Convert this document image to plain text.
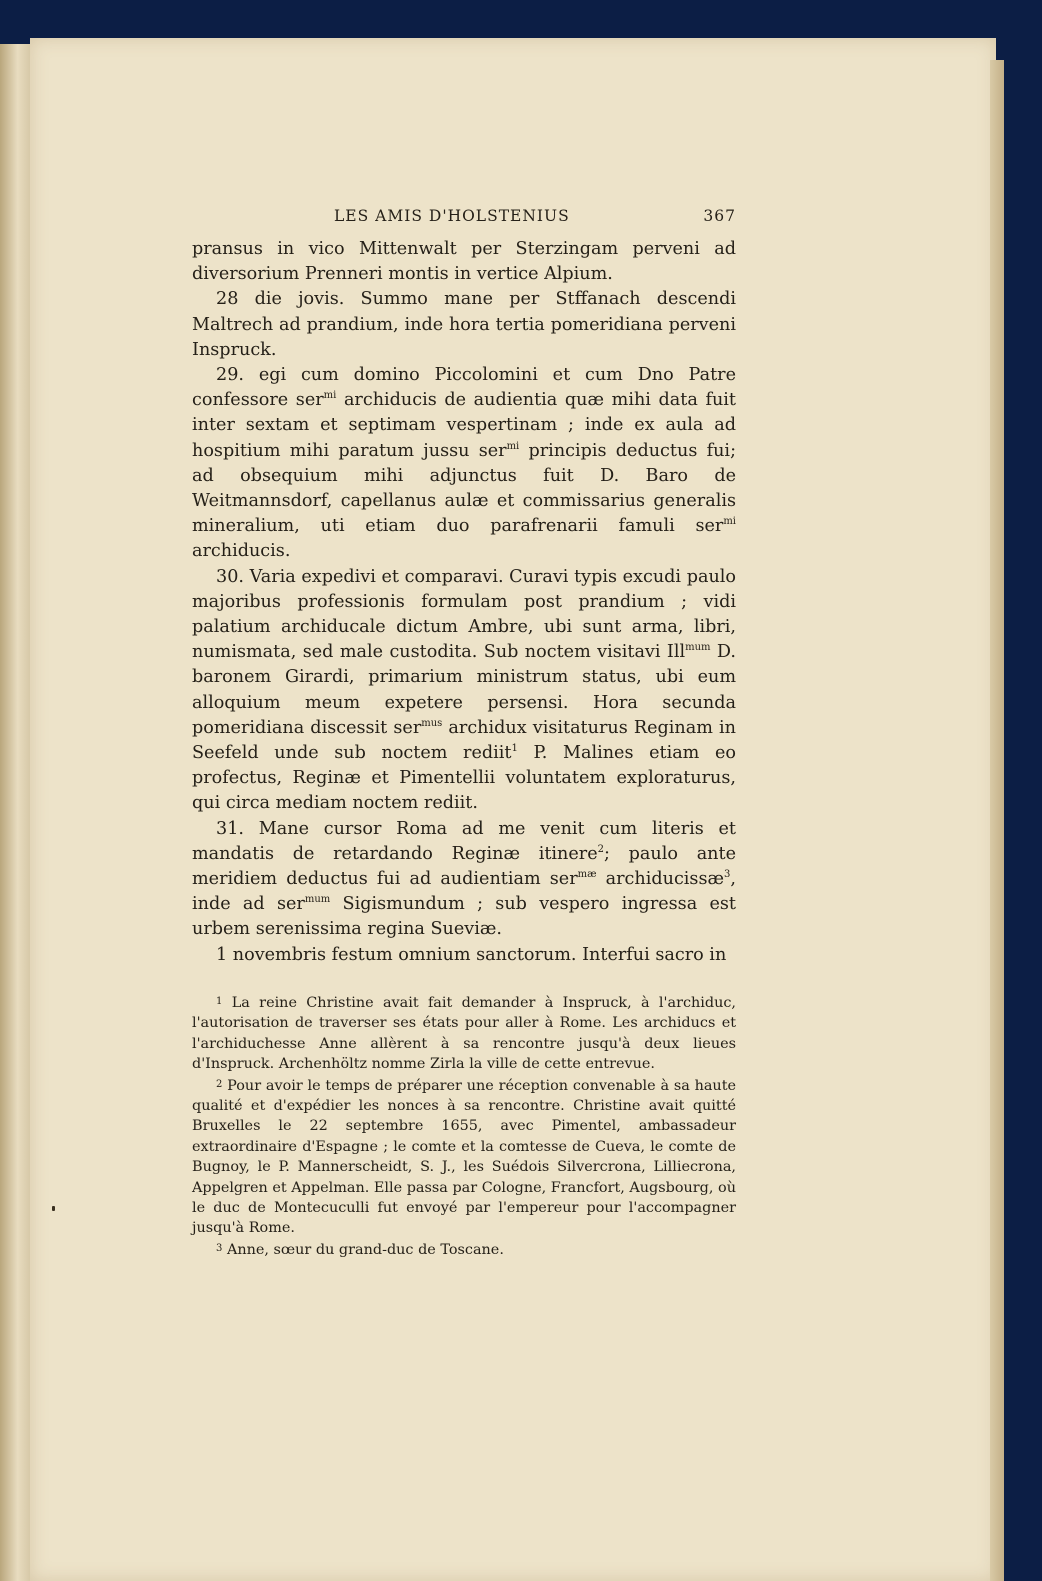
LES AMIS D'HOLSTENIUS	367

pransus in vico Mittenwalt per Sterzingam perveni ad diversorium Prenneri montis in vertice Alpium.

28 die jovis. Summo mane per Stffanach descendi Maltrech ad prandium, inde hora tertia pomeridiana perveni Inspruck.

29. egi cum domino Piccolomini et cum Dno Patre confessore ser$^{mi}$ archiducis de audientia quæ mihi data fuit inter sextam et septimam vespertinam ; inde ex aula ad hospitium mihi paratum jussu ser$^{mi}$ principis deductus fui; ad obsequium mihi adjunctus fuit D. Baro de Weitmannsdorf, capellanus aulæ et commissarius generalis mineralium, uti etiam duo parafrenarii famuli ser$^{mi}$ archiducis.

30. Varia expedivi et comparavi. Curavi typis excudi paulo majoribus professionis formulam post prandium ; vidi palatium archiducale dictum Ambre, ubi sunt arma, libri, numismata, sed male custodita. Sub noctem visitavi Ill$^{mum}$ D. baronem Girardi, primarium ministrum status, ubi eum alloquium meum expetere persensi. Hora secunda pomeridiana discessit ser$^{mus}$ archidux visitaturus Reginam in Seefeld unde sub noctem rediit$^1$ P. Malines etiam eo profectus, Reginæ et Pimentellii voluntatem exploraturus, qui circa mediam noctem rediit.

31. Mane cursor Roma ad me venit cum literis et mandatis de retardando Reginæ itinere$^2$; paulo ante meridiem deductus fui ad audientiam ser$^{mæ}$ archiducissæ$^3$, inde ad ser$^{mum}$ Sigismundum ; sub vespero ingressa est urbem serenissima regina Sueviæ.

1 novembris festum omnium sanctorum. Interfui sacro in

$^1$ La reine Christine avait fait demander à Inspruck, à l'archiduc, l'autorisation de traverser ses états pour aller à Rome. Les archiducs et l'archiduchesse Anne allèrent à sa rencontre jusqu'à deux lieues d'Inspruck. Archenhöltz nomme Zirla la ville de cette entrevue.

$^2$ Pour avoir le temps de préparer une réception convenable à sa haute qualité et d'expédier les nonces à sa rencontre. Christine avait quitté Bruxelles le 22 septembre 1655, avec Pimentel, ambassadeur extraordinaire d'Espagne ; le comte et la comtesse de Cueva, le comte de Bugnoy, le P. Mannerscheidt, S. J., les Suédois Silvercrona, Lilliecrona, Appelgren et Appelman. Elle passa par Cologne, Francfort, Augsbourg, où le duc de Montecuculli fut envoyé par l'empereur pour l'accompagner jusqu'à Rome.

$^3$ Anne, sœur du grand-duc de Toscane.
